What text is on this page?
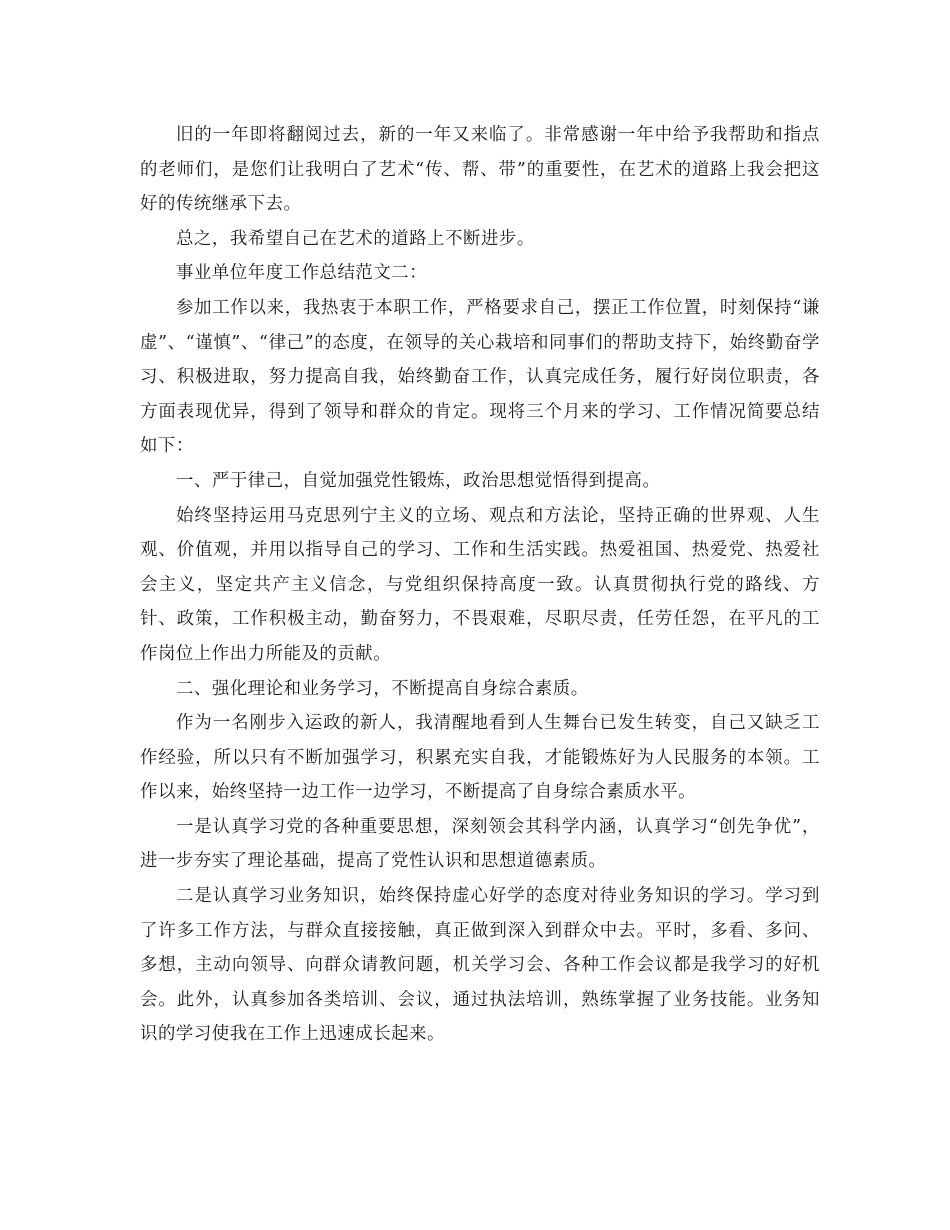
旧的一年即将翻阅过去，新的一年又来临了。非常感谢一年中给予我帮助和指点的老师们，是您们让我明白了艺术“传、帮、带”的重要性，在艺术的道路上我会把这好的传统继承下去。

总之，我希望自己在艺术的道路上不断进步。

事业单位年度工作总结范文二：

参加工作以来，我热衷于本职工作，严格要求自己，摆正工作位置，时刻保持“谦虚”、“谨慎”、“律己”的态度，在领导的关心栽培和同事们的帮助支持下，始终勤奋学习、积极进取，努力提高自我，始终勤奋工作，认真完成任务，履行好岗位职责，各方面表现优异，得到了领导和群众的肯定。现将三个月来的学习、工作情况简要总结如下：

一、严于律己，自觉加强党性锻炼，政治思想觉悟得到提高。

始终坚持运用马克思列宁主义的立场、观点和方法论，坚持正确的世界观、人生观、价值观，并用以指导自己的学习、工作和生活实践。热爱祖国、热爱党、热爱社会主义，坚定共产主义信念，与党组织保持高度一致。认真贯彻执行党的路线、方针、政策，工作积极主动，勤奋努力，不畏艰难，尽职尽责，任劳任怨，在平凡的工作岗位上作出力所能及的贡献。

二、强化理论和业务学习，不断提高自身综合素质。

作为一名刚步入运政的新人，我清醒地看到人生舞台已发生转变，自己又缺乏工作经验，所以只有不断加强学习，积累充实自我，才能锻炼好为人民服务的本领。工作以来，始终坚持一边工作一边学习，不断提高了自身综合素质水平。

一是认真学习党的各种重要思想，深刻领会其科学内涵，认真学习“创先争优”，进一步夯实了理论基础，提高了党性认识和思想道德素质。

二是认真学习业务知识，始终保持虚心好学的态度对待业务知识的学习。学习到了许多工作方法，与群众直接接触，真正做到深入到群众中去。平时，多看、多问、多想，主动向领导、向群众请教问题，机关学习会、各种工作会议都是我学习的好机会。此外，认真参加各类培训、会议，通过执法培训，熟练掌握了业务技能。业务知识的学习使我在工作上迅速成长起来。
